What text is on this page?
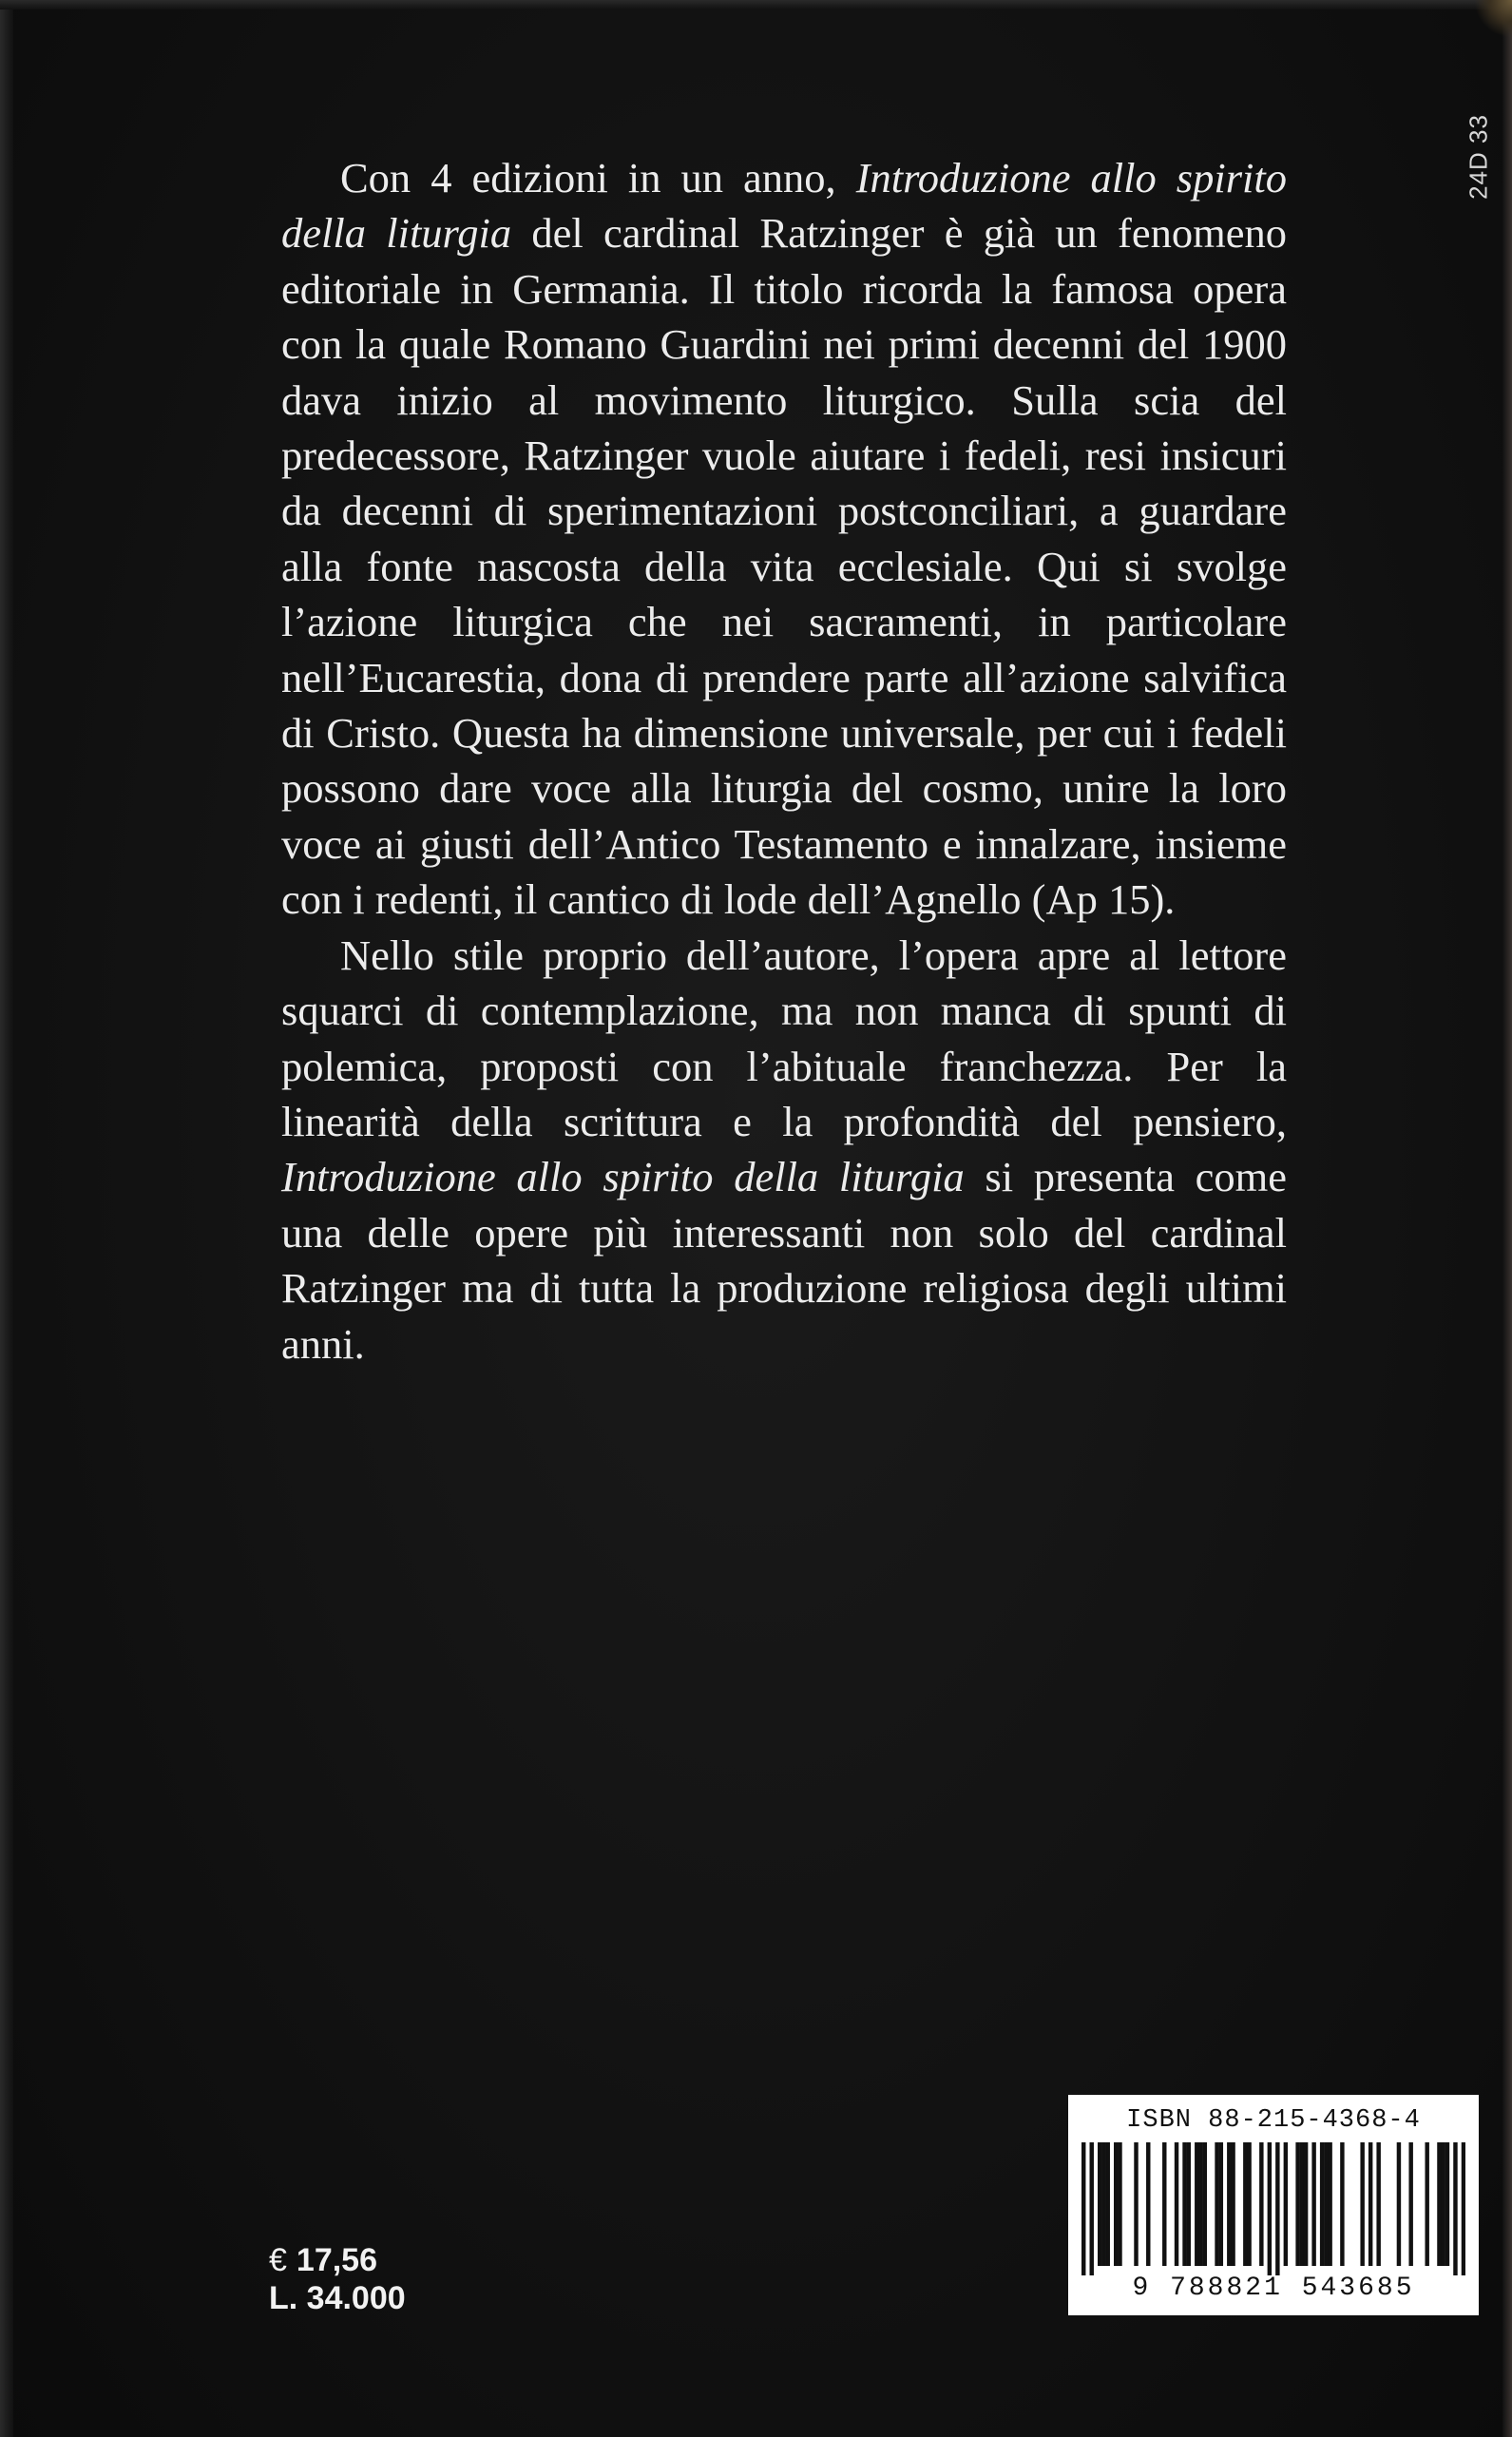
24D 33

Con 4 edizioni in un anno, Introduzione allo spirito della liturgia del cardinal Ratzinger è già un fenomeno editoriale in Germania. Il titolo ricorda la famosa opera con la quale Romano Guardini nei primi decenni del 1900 dava inizio al movimento liturgico. Sulla scia del predecessore, Ratzinger vuole aiutare i fedeli, resi insicuri da decenni di sperimentazioni postconciliari, a guardare alla fonte nascosta della vita ecclesiale. Qui si svolge l’azione liturgica che nei sacramenti, in particolare nell’Eucarestia, dona di prendere parte all’azione salvifica di Cristo. Questa ha dimensione universale, per cui i fedeli possono dare voce alla liturgia del cosmo, unire la loro voce ai giusti dell’Antico Testamento e innalzare, insieme con i redenti, il cantico di lode dell’Agnello (Ap 15).

Nello stile proprio dell’autore, l’opera apre al lettore squarci di contemplazione, ma non manca di spunti di polemica, proposti con l’abituale franchezza. Per la linearità della scrittura e la profondità del pensiero, Introduzione allo spirito della liturgia si presenta come una delle opere più interessanti non solo del cardinal Ratzinger ma di tutta la produzione religiosa degli ultimi anni.

€ 17,56
L. 34.000
ISBN 88-215-4368-4
9 788821 543685
